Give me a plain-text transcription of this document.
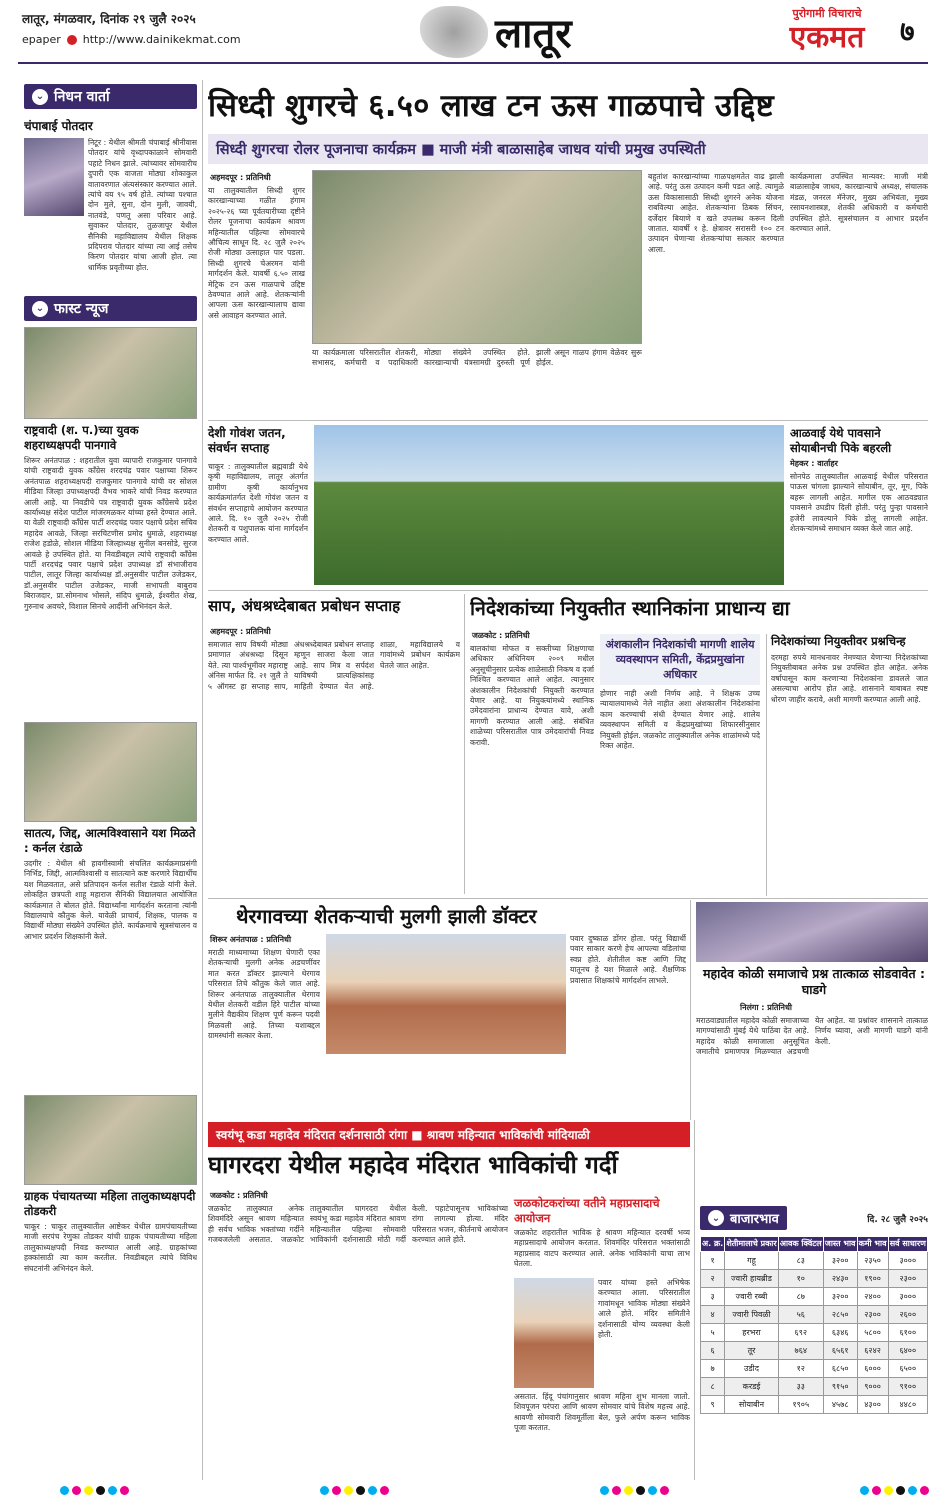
लातूर, मंगळवार, दिनांक २९ जुलै २०२५
epaper http://www.dainikekmat.com	लातूर	पुरोगामी विचाराचे
एकमत	७
⌄ निधन वार्ता
चंपाबाई पोतदार
निटूर : येथील श्रीमती चंपाबाई श्रीनीवास पोतदार यांचे वृध्दापकाळाने सोमवारी पहाटे निधन झाले. त्यांच्यावर सोमवारीच दुपारी एक वाजता मोठ्या शोकाकुल वातावरणात अंत्यसंस्कार करण्यात आले. त्यांचे वय ९५ वर्ष होते. त्यांच्या पश्चात दोन मुले, सुना, दोन मुली, जावयी, नातवंडे, पणतू असा परिवार आहे. सुवाकर पोतदार, तुळजापूर येथील सैनिकी महाविद्यालय येथील शिक्षक प्रदिपराव पोतदार यांच्या त्या आई तसेच किरण पोतदार यांचा आजी होत. त्या धार्मिक प्रवृतीच्या होत.
⌄ फास्ट न्यूज
राष्ट्रवादी (श. प.)च्या युवक शहराध्यक्षपदी पानगावे
शिरूर अनंतपाळ : शहरातील युवा व्यापारी राजकुमार पानगावे यांची राष्ट्रवादी युवक काँग्रेस शरदचंद्र पवार पक्षाच्या शिरूर अनंतपाळ शहराध्यक्षपदी राजकुमार पानगावे यांची वर सोशल मीडिया जिल्हा उपाध्यक्षपदी वैभव भाकरे यांची निवड करण्यात आली आहे. या निवडीचे पत्र राष्ट्रवादी युवक काँग्रेसचे प्रदेश कार्याध्यक्ष संदेश पाटील मांजरमळकर यांच्या हस्ते देण्यात आले. या वेळी राष्ट्रवादी काँग्रेस पार्टी शरदचंद्र पवार पक्षाचे प्रदेश सचिव महादेव आवळे, जिल्हा सरचिटणीस प्रमोद धुमाळे, शहराध्यक्ष राजेश हडोळे, सोशल मीडिया जिल्हाध्यक्ष सुनील बनसोडे, सुरज आवळे हे उपस्थित होते. या निवडीबद्दल त्यांचे राष्ट्रवादी काँग्रेस पार्टी शरदचंद्र पवार पक्षाचे प्रदेश उपाध्यक्ष डॉ संभाजीराव पाटील, लातूर जिल्हा कार्याध्यक्ष डॉ.अनुसवीर पाटील उजेडकर, डॉ.अनुसवीर पाटील उजेडकर, माजी सभापती बाबुराव बिराजदार, प्रा.सोमनाथ भोसले, संदिप धुमाळे, ईश्वरीत शेख, गुरुनाथ अवचरे, विशाल सिनचे आदींनी अभिनंदन केले.
सातत्य, जिद्द, आत्मविश्वासाने यश मिळते : कर्नल रंडाळे
उदगीर : येथील श्री हावगीस्वामी संचलित कार्यक्रमाप्रसंगी निर्भिड, जिद्दी, आत्मविश्वासी व सातत्याने कष्ट करणारे विद्यार्थीच यश मिळवतात, असे प्रतिपादन कर्नल सतीश रंडाळे यांनी केले. लोकहित छत्रपती शाहू महाराज सैनिकी विद्यालयात आयोजित कार्यक्रमात ते बोलत होते. विद्यार्थ्यांना मार्गदर्शन करताना त्यांनी विद्यालयाचे कौतुक केले. यावेळी प्राचार्य, शिक्षक, पालक व विद्यार्थी मोठ्या संख्येने उपस्थित होते. कार्यक्रमाचे सूत्रसंचालन व आभार प्रदर्शन शिक्षकांनी केले.
ग्राहक पंचायतच्या महिला तालुकाध्यक्षपदी तोडकरी
चाकूर : चाकूर तालुक्यातील आष्टेकर येथील ग्रामपंचायतीच्या माजी सरपंच रेणुका तोडकर यांची ग्राहक पंचायतीच्या महिला तालुकाध्यक्षपदी निवड करण्यात आली आहे. ग्राहकांच्या हक्कांसाठी त्या काम करतील. निवडीबद्दल त्यांचे विविध संघटनांनी अभिनंदन केले.
सिध्दी शुगरचे ६.५० लाख टन ऊस गाळपाचे उद्दिष्ट
सिध्दी शुगरचा रोलर पूजनाचा कार्यक्रम ■ माजी मंत्री बाळासाहेब जाधव यांची प्रमुख उपस्थिती
अहमदपूर : प्रतिनिधी
या तालुक्यातील सिध्दी शुगर कारखान्याच्या गळीत हंगाम २०२५-२६ च्या पूर्वतयारीच्या दृष्टीने रोलर पूजनाचा कार्यक्रम श्रावण महिन्यातील पहिल्या सोमवारचे औचित्य साधून दि. २८ जुलै २०२५ रोजी मोठ्या उत्साहात पार पडला. सिध्दी शुगरचे चेअरमन यांनी मार्गदर्शन केले. यावर्षी ६.५० लाख मेट्रिक टन ऊस गाळपाचे उद्दिष्ट ठेवण्यात आले आहे. शेतकऱ्यांनी आपला ऊस कारखान्यालाच द्यावा असे आवाहन करण्यात आले.
या कार्यक्रमाला परिसरातील शेतकरी, सभासद, कर्मचारी व पदाधिकारी मोठ्या संख्येने उपस्थित होते. कारखान्याची यंत्रसामग्री दुरुस्ती पूर्ण झाली असून गाळप हंगाम वेळेवर सुरू होईल.
बहुतांश कारखान्यांच्या गाळपक्षमतेत वाढ झाली आहे. परंतु ऊस उत्पादन कमी पडत आहे. त्यामुळे ऊस विकासासाठी सिध्दी शुगरने अनेक योजना राबविल्या आहेत. शेतकऱ्यांना ठिबक सिंचन, दर्जेदार बियाणे व खते उपलब्ध करून दिली जातात. यावर्षी १ हे. क्षेत्रावर सरासरी १०० टन उत्पादन घेणाऱ्या शेतकऱ्यांचा सत्कार करण्यात आला.
कार्यक्रमाला उपस्थित मान्यवर: माजी मंत्री बाळासाहेब जाधव, कारखान्याचे अध्यक्ष, संचालक मंडळ, जनरल मॅनेजर, मुख्य अभियंता, मुख्य रसायनशास्त्रज्ञ, शेतकी अधिकारी व कर्मचारी उपस्थित होते. सूत्रसंचालन व आभार प्रदर्शन करण्यात आले.
देशी गोवंश जतन, संवर्धन सप्ताह
चाकूर : तालुक्यातील ब्रह्मवाडी येथे कृषी महाविद्यालय, लातूर अंतर्गत ग्रामीण कृषी कार्यानुभव कार्यक्रमांतर्गत देशी गोवंश जतन व संवर्धन सप्ताहाचे आयोजन करण्यात आले. दि. १० जुलै २०२५ रोजी शेतकरी व पशुपालक यांना मार्गदर्शन करण्यात आले.
आळवाई येथे पावसाने सोयाबीनची पिके बहरली
मेहकर : वार्ताहर
सोनपेठ तालुक्यातील आळवाई येथील परिसरात पाऊस चांगला झाल्याने सोयाबीन, तूर, मूग, पिके बहरू लागली आहेत. मागील एक आठवड्यात पावसाने उघडीप दिली होती. परंतु पुन्हा पावसाने हजेरी लावल्याने पिके डोलू लागली आहेत. शेतकऱ्यांमध्ये समाधान व्यक्त केले जात आहे.
साप, अंधश्रध्देबाबत प्रबोधन सप्ताह
अहमदपूर : प्रतिनिधी
समाजात साप विषयी मोठ्या प्रमाणात अंधश्रध्दा दिसून येते. त्या पार्श्वभूमीवर महाराष्ट्र अंनिस मार्फत दि. २१ जुलै ते ५ ऑगस्ट हा सप्ताह साप, अंधश्रध्देबाबत प्रबोधन सप्ताह म्हणून साजरा केला जात आहे. साप मित्र व सर्पदंश याविषयी प्रात्यक्षिकांसह माहिती देण्यात येत आहे. शाळा, महाविद्यालये व गावांमध्ये प्रबोधन कार्यक्रम घेतले जात आहेत.
निदेशकांच्या नियुक्तीत स्थानिकांना प्राधान्य द्या
जळकोट : प्रतिनिधी
बालकांचा मोफत व सक्तीच्या शिक्षणाचा अधिकार अधिनियम २००९ मधील अनुसूचीनुसार प्रत्येक शाळेसाठी निकष व दर्जा निश्चित करण्यात आले आहेत. त्यानुसार अंशकालीन निदेशकांची नियुक्ती करण्यात येणार आहे. या नियुक्त्यांमध्ये स्थानिक उमेदवारांना प्राधान्य देण्यात यावे, अशी मागणी करण्यात आली आहे. संबंधित शाळेच्या परिसरातील पात्र उमेदवारांची निवड करावी.
अंशकालीन निदेशकांची मागणी शालेय व्यवस्थापन समिती, केंद्रप्रमुखांना अधिकार
होणार नाही अशी निर्णय आहे. ने शिक्षक उच्च न्यायालयामध्ये नेले नाहीत अशा अंशकालीन निदेशकांना काम करण्याची संधी देण्यात येणार आहे. शालेय व्यवस्थापन समिती व केंद्रप्रमुखांच्या शिफारसीनुसार नियुक्ती होईल. जळकोट तालुक्यातील अनेक शाळांमध्ये पदे रिक्त आहेत.
निदेशकांच्या नियुक्तीवर प्रश्नचिन्ह
दरमहा रुपये मानधनावर नेमण्यात येणाऱ्या निदेशकांच्या नियुक्तीबाबत अनेक प्रश्न उपस्थित होत आहेत. अनेक वर्षापासून काम करणाऱ्या निदेशकांना डावलले जात असल्याचा आरोप होत आहे. शासनाने याबाबत स्पष्ट धोरण जाहीर करावे, अशी मागणी करण्यात आली आहे.
थेरगावच्या शेतकऱ्याची मुलगी झाली डॉक्टर
शिरूर अनंतपाळ : प्रतिनिधी
मराठी माध्यमाच्या शिक्षण घेणारी एका शेतकऱ्याची मुलगी अनेक अडचणींवर मात करत डॉक्टर झाल्याने थेरगाव परिसरात तिचे कौतुक केले जात आहे. शिरूर अनंतपाळ तालुक्यातील थेरगाव येथील शेतकरी वडील हिरे पाटील यांच्या मुलीने वैद्यकीय शिक्षण पूर्ण करून पदवी मिळवली आहे. तिच्या यशाबद्दल ग्रामस्थांनी सत्कार केला.
पवार दुष्काळ डोंगर होता. परंतु विद्यार्थी पवार साकार करणे हेच आपल्या वडिलांचा स्वप्न होते. शेतीतील कष्ट आणि जिद्द यातूनच हे यश मिळाले आहे. शैक्षणिक प्रवासात शिक्षकांचे मार्गदर्शन लाभले.	महादेव कोळी समाजाचे प्रश्न तात्काळ सोडवावेत : घाडगे
निलंगा : प्रतिनिधी
मराठवाड्यातील महादेव कोळी समाजाच्या मागण्यांसाठी मुंबई येथे पाठिंबा देत आहे. महादेव कोळी समाजाला अनुसूचित जमातीचे प्रमाणपत्र मिळण्यात अडचणी येत आहेत. या प्रश्नांवर शासनाने तात्काळ निर्णय घ्यावा, अशी मागणी घाडगे यांनी केली.
स्वयंभू कडा महादेव मंदिरात दर्शनासाठी रांगा ■ श्रावण महिन्यात भाविकांची मांदियाळी
घागरदरा येथील महादेव मंदिरात भाविकांची गर्दी
जळकोट : प्रतिनिधी
जळकोट तालुक्यात अनेक शिवमंदिरे असून श्रावण महिन्यात ही सर्वच भाविक भक्तांच्या गर्दीने गजबजलेली असतात. जळकोट तालुक्यातील घागरदरा येथील स्वयंभू कडा महादेव मंदिरात श्रावण महिन्यातील पहिल्या सोमवारी भाविकांनी दर्शनासाठी मोठी गर्दी केली. पहाटेपासूनच भाविकांच्या रांगा लागल्या होत्या. मंदिर परिसरात भजन, कीर्तनाचे आयोजन करण्यात आले होते.
जळकोटकरांच्या वतीने महाप्रसादाचे आयोजन
जळकोट शहरातील भाविक हे श्रावण महिन्यात दरवर्षी भव्य महाप्रसादाचे आयोजन करतात. शिवमंदिर परिसरात भक्तांसाठी महाप्रसाद वाटप करण्यात आले. अनेक भाविकांनी याचा लाभ घेतला.
पवार यांच्या हस्ते अभिषेक करण्यात आला. परिसरातील गावांमधून भाविक मोठ्या संख्येने आले होते. मंदिर समितीने दर्शनासाठी योग्य व्यवस्था केली होती.
असतात. हिंदू पंचांगानुसार श्रावण महिना शुभ मानला जातो. शिवपूजन परंपरा आणि श्रावण सोमवार यांचे विशेष महत्त्व आहे. श्रावणी सोमवारी शिवमूर्तीला बेल, फुले अर्पण करून भाविक पूजा करतात.
⌄ बाजारभाव	दि. २८ जुलै २०२५
अ. क्र.	शेतीमालाचे प्रकार	आवक क्विंटल	जास्त भाव	कमी भाव	सर्व साधारण
१	गहू	८३	३२००	२३५०	३०००
२	ज्वारी हायब्रीड	१०	२४३०	१९००	२३००
३	ज्वारी रब्बी	८७	३२००	२४००	३०००
४	ज्वारी पिवळी	५६	२८५०	२३००	२६००
५	हरभरा	६९२	६३४६	५८००	६१००
६	तूर	७६४	६५६१	६२४२	६४००
७	उडीद	१२	६८५०	६०००	६५००
८	करडई	३३	९१५०	९०००	९१००
९	सोयाबीन	१९०५	४५७८	४३००	४४८०
